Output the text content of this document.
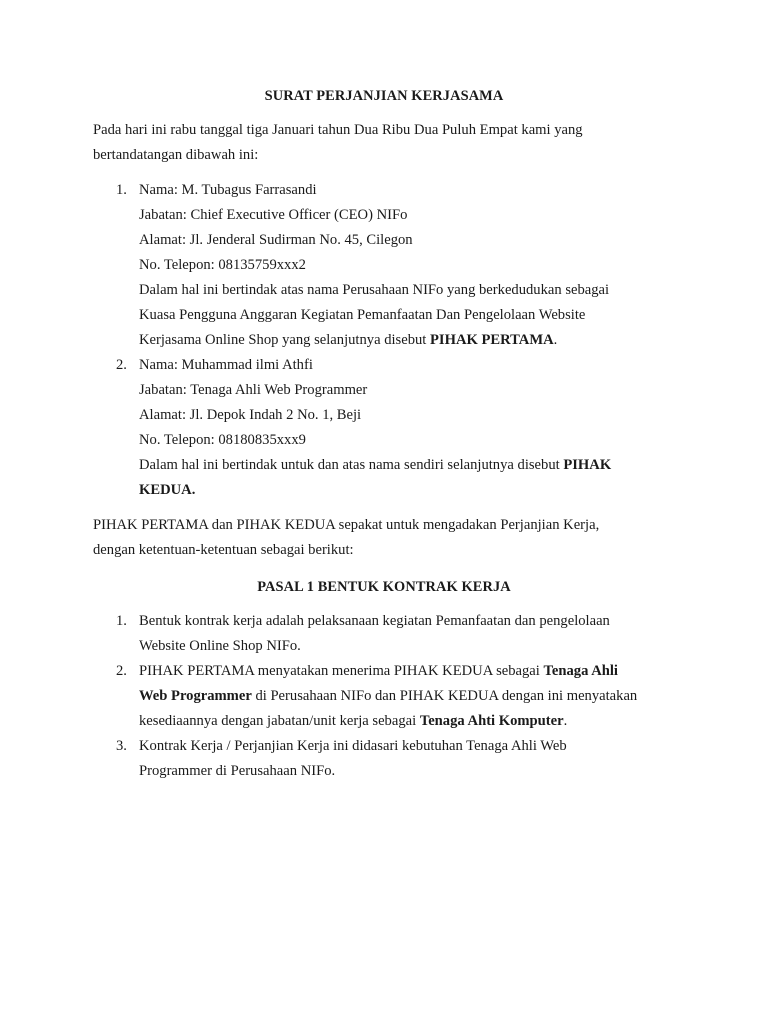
SURAT PERJANJIAN KERJASAMA
Pada hari ini rabu tanggal tiga Januari tahun Dua Ribu Dua Puluh Empat kami yang
bertandatangan dibawah ini:
1. Nama: M. Tubagus Farrasandi
Jabatan: Chief Executive Officer (CEO) NIFo
Alamat: Jl. Jenderal Sudirman No. 45, Cilegon
No. Telepon: 08135759xxx2
Dalam hal ini bertindak atas nama Perusahaan NIFo yang berkedudukan sebagai
Kuasa Pengguna Anggaran Kegiatan Pemanfaatan Dan Pengelolaan Website
Kerjasama Online Shop yang selanjutnya disebut PIHAK PERTAMA.
2. Nama: Muhammad ilmi Athfi
Jabatan: Tenaga Ahli Web Programmer
Alamat: Jl. Depok Indah 2 No. 1, Beji
No. Telepon: 08180835xxx9
Dalam hal ini bertindak untuk dan atas nama sendiri selanjutnya disebut PIHAK
KEDUA.
PIHAK PERTAMA dan PIHAK KEDUA sepakat untuk mengadakan Perjanjian Kerja,
dengan ketentuan-ketentuan sebagai berikut:
PASAL 1 BENTUK KONTRAK KERJA
1. Bentuk kontrak kerja adalah pelaksanaan kegiatan Pemanfaatan dan pengelolaan
Website Online Shop NIFo.
2. PIHAK PERTAMA menyatakan menerima PIHAK KEDUA sebagai Tenaga Ahli
Web Programmer di Perusahaan NIFo dan PIHAK KEDUA dengan ini menyatakan
kesediaannya dengan jabatan/unit kerja sebagai Tenaga Ahti Komputer.
3. Kontrak Kerja / Perjanjian Kerja ini didasari kebutuhan Tenaga Ahli Web
Programmer di Perusahaan NIFo.
